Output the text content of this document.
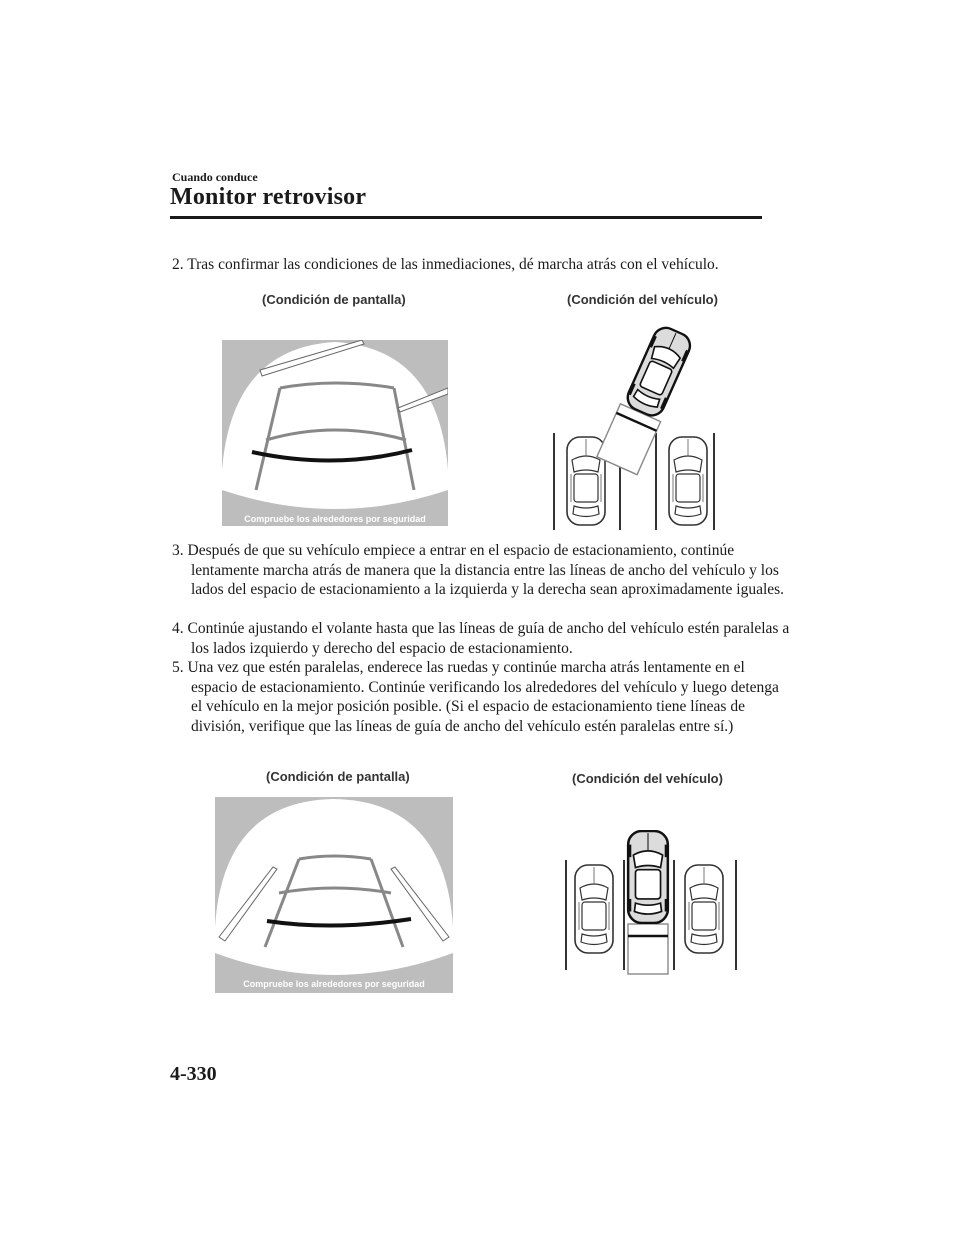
Cuando conduce
Monitor retrovisor
2. Tras confirmar las condiciones de las inmediaciones, dé marcha atrás con el vehículo.
(Condición de pantalla)	(Condición del vehículo)
Compruebe los alrededores por seguridad
3. Después de que su vehículo empiece a entrar en el espacio de estacionamiento, continúe lentamente marcha atrás de manera que la distancia entre las líneas de ancho del vehículo y los lados del espacio de estacionamiento a la izquierda y la derecha sean aproximadamente iguales.
4. Continúe ajustando el volante hasta que las líneas de guía de ancho del vehículo estén paralelas a los lados izquierdo y derecho del espacio de estacionamiento.
5. Una vez que estén paralelas, enderece las ruedas y continúe marcha atrás lentamente en el espacio de estacionamiento. Continúe verificando los alrededores del vehículo y luego detenga el vehículo en la mejor posición posible. (Si el espacio de estacionamiento tiene líneas de división, verifique que las líneas de guía de ancho del vehículo estén paralelas entre sí.)
(Condición de pantalla)	(Condición del vehículo)
Compruebe los alrededores por seguridad
4-330
